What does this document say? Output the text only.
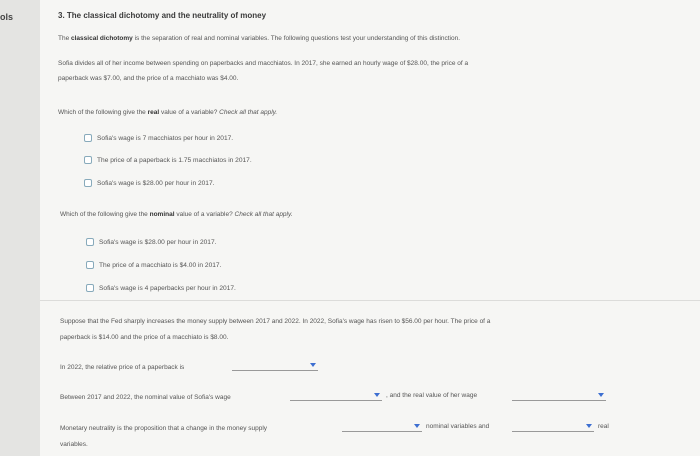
ols	3. The classical dichotomy and the neutrality of money
The classical dichotomy is the separation of real and nominal variables. The following questions test your understanding of this distinction.
Sofia divides all of her income between spending on paperbacks and macchiatos. In 2017, she earned an hourly wage of $28.00, the price of a
paperback was $7.00, and the price of a macchiato was $4.00.
Which of the following give the real value of a variable? Check all that apply.
Sofia's wage is 7 macchiatos per hour in 2017.
The price of a paperback is 1.75 macchiatos in 2017.
Sofia's wage is $28.00 per hour in 2017.
Which of the following give the nominal value of a variable? Check all that apply.
Sofia's wage is $28.00 per hour in 2017.
The price of a macchiato is $4.00 in 2017.
Sofia's wage is 4 paperbacks per hour in 2017.
Suppose that the Fed sharply increases the money supply between 2017 and 2022. In 2022, Sofia's wage has risen to $56.00 per hour. The price of a
paperback is $14.00 and the price of a macchiato is $8.00.
In 2022, the relative price of a paperback is
Between 2017 and 2022, the nominal value of Sofia's wage	, and the real value of her wage
Monetary neutrality is the proposition that a change in the money supply	nominal variables and	real
variables.
